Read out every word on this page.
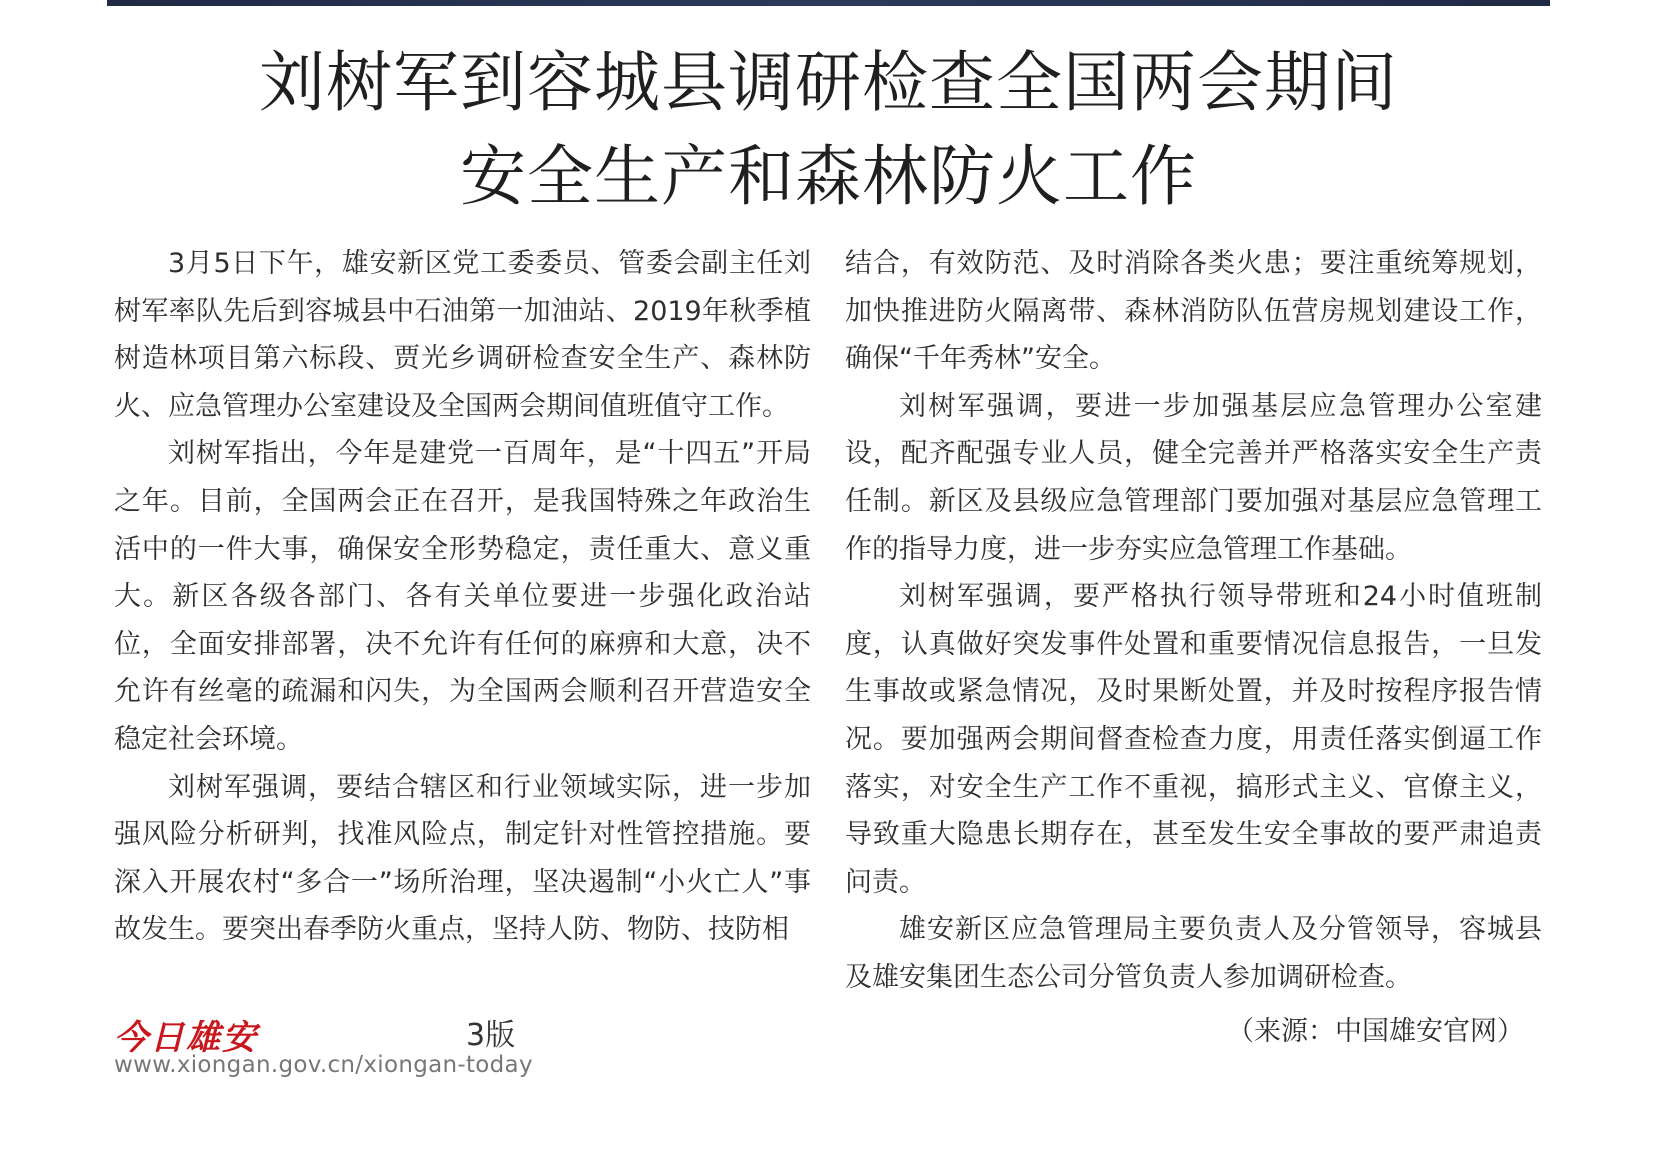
刘树军到容城县调研检查全国两会期间
安全生产和森林防火工作

3月5日下午，雄安新区党工委委员、管委会副主任刘树军率队先后到容城县中石油第一加油站、2019年秋季植树造林项目第六标段、贾光乡调研检查安全生产、森林防火、应急管理办公室建设及全国两会期间值班值守工作。

刘树军指出，今年是建党一百周年，是“十四五”开局之年。目前，全国两会正在召开，是我国特殊之年政治生活中的一件大事，确保安全形势稳定，责任重大、意义重大。新区各级各部门、各有关单位要进一步强化政治站位，全面安排部署，决不允许有任何的麻痹和大意，决不允许有丝毫的疏漏和闪失，为全国两会顺利召开营造安全稳定社会环境。

刘树军强调，要结合辖区和行业领域实际，进一步加强风险分析研判，找准风险点，制定针对性管控措施。要深入开展农村“多合一”场所治理，坚决遏制“小火亡人”事故发生。要突出春季防火重点，坚持人防、物防、技防相

结合，有效防范、及时消除各类火患；要注重统筹规划，加快推进防火隔离带、森林消防队伍营房规划建设工作，确保“千年秀林”安全。

刘树军强调，要进一步加强基层应急管理办公室建设，配齐配强专业人员，健全完善并严格落实安全生产责任制。新区及县级应急管理部门要加强对基层应急管理工作的指导力度，进一步夯实应急管理工作基础。

刘树军强调，要严格执行领导带班和24小时值班制度，认真做好突发事件处置和重要情况信息报告，一旦发生事故或紧急情况，及时果断处置，并及时按程序报告情况。要加强两会期间督查检查力度，用责任落实倒逼工作落实，对安全生产工作不重视，搞形式主义、官僚主义，导致重大隐患长期存在，甚至发生安全事故的要严肃追责问责。

雄安新区应急管理局主要负责人及分管领导，容城县及雄安集团生态公司分管负责人参加调研检查。

（来源：中国雄安官网）
今日雄安	3版
www.xiongan.gov.cn/xiongan-today
